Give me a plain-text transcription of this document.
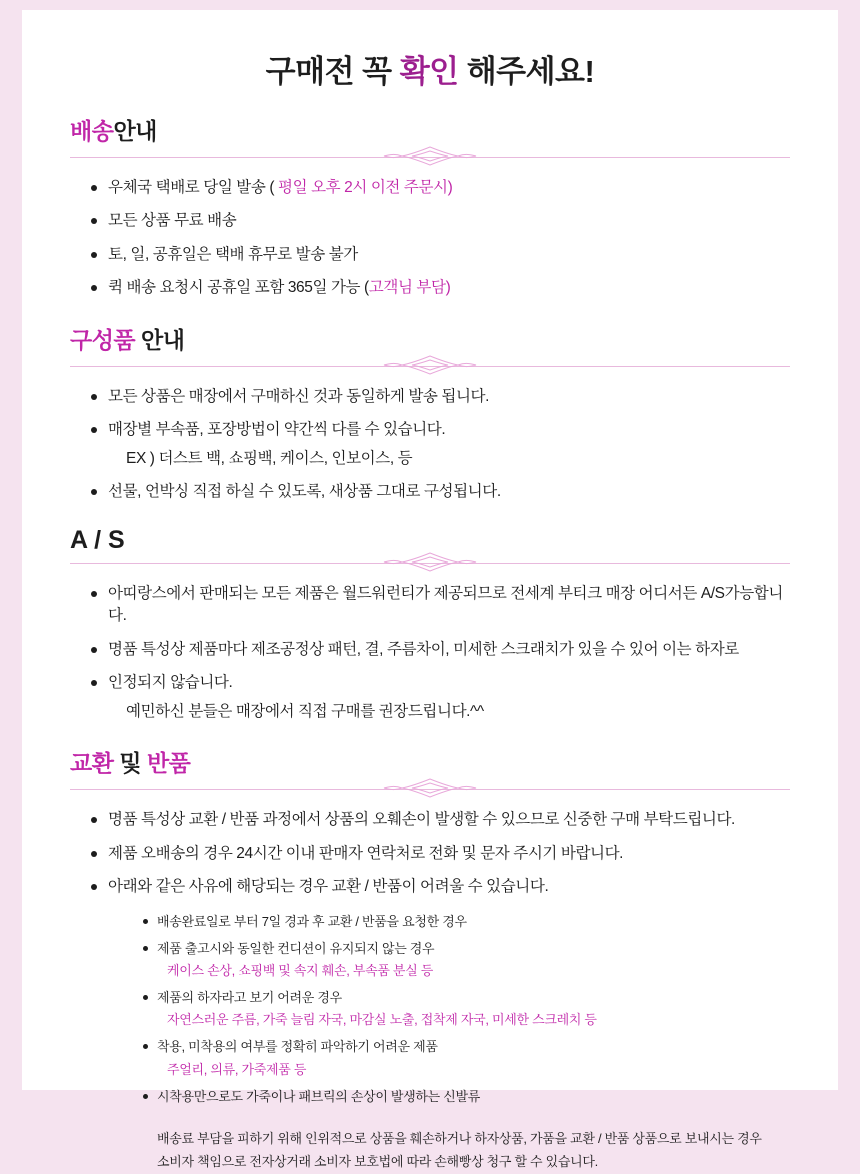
구매전 꼭 확인 해주세요!
배송안내
우체국 택배로 당일 발송 ( 평일 오후 2시 이전 주문시)
모든 상품 무료 배송
토, 일, 공휴일은 택배 휴무로 발송 불가
퀵 배송 요청시 공휴일 포함 365일 가능 (고객님 부담)
구성품 안내
모든 상품은 매장에서 구매하신 것과 동일하게 발송 됩니다.
매장별 부속품, 포장방법이 약간씩 다를 수 있습니다.
EX ) 더스트 백, 쇼핑백, 케이스, 인보이스, 등
선물, 언박싱 직접 하실 수 있도록, 새상품 그대로 구성됩니다.
A / S
아띠랑스에서 판매되는 모든 제품은 월드워런티가 제공되므로 전세계 부티크 매장 어디서든 A/S가능합니다.
명품 특성상 제품마다 제조공정상 패턴, 결, 주름차이, 미세한 스크래치가 있을 수 있어 이는 하자로
인정되지 않습니다.
예민하신 분들은 매장에서 직접 구매를 권장드립니다.^^
교환 및 반품
명품 특성상 교환 / 반품 과정에서 상품의 오훼손이 발생할 수 있으므로 신중한 구매 부탁드립니다.
제품 오배송의 경우 24시간 이내 판매자 연락처로 전화 및 문자 주시기 바랍니다.
아래와 같은 사유에 해당되는 경우 교환 / 반품이 어려울 수 있습니다.
배송완료일로 부터 7일 경과 후 교환 / 반품을 요청한 경우
제품 출고시와 동일한 컨디션이 유지되지 않는 경우
케이스 손상, 쇼핑백 및 속지 훼손, 부속품 분실 등
제품의 하자라고 보기 어려운 경우
자연스러운 주름, 가죽 늘림 자국, 마감실 노출, 접착제 자국, 미세한 스크레치 등
착용, 미착용의 여부를 정확히 파악하기 어려운 제품
주얼리, 의류, 가죽제품 등
시착용만으로도 가죽이나 패브릭의 손상이 발생하는 신발류
배송료 부담을 피하기 위해 인위적으로 상품을 훼손하거나 하자상품, 가품을 교환 / 반품 상품으로 보내시는 경우
소비자 책임으로 전자상거래 소비자 보호법에 따라 손해빵상 청구 할 수 있습니다.
